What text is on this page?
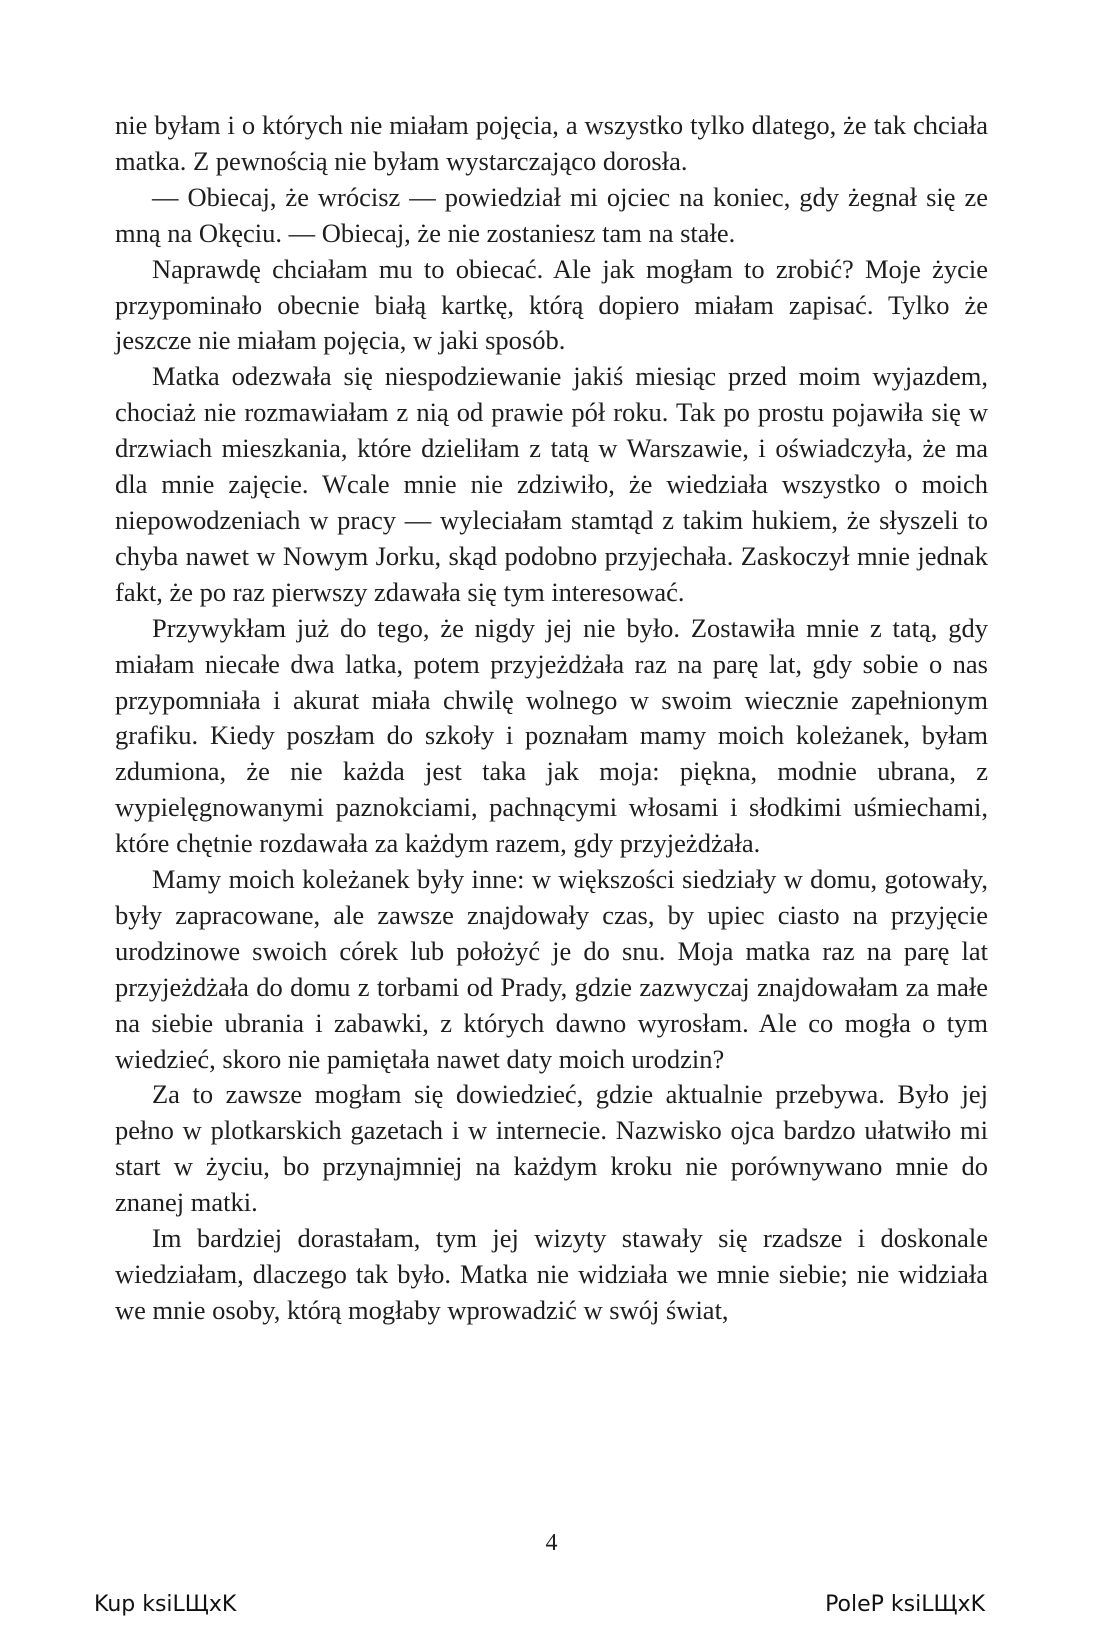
nie byłam i o których nie miałam pojęcia, a wszystko tylko dlatego, że tak chciała matka. Z pewnością nie byłam wystarczająco dorosła.

— Obiecaj, że wrócisz — powiedział mi ojciec na koniec, gdy żegnał się ze mną na Okęciu. — Obiecaj, że nie zostaniesz tam na stałe.

Naprawdę chciałam mu to obiecać. Ale jak mogłam to zrobić? Moje życie przypominało obecnie białą kartkę, którą dopiero miałam zapisać. Tylko że jeszcze nie miałam pojęcia, w jaki sposób.

Matka odezwała się niespodziewanie jakiś miesiąc przed moim wyjazdem, chociaż nie rozmawiałam z nią od prawie pół roku. Tak po prostu pojawiła się w drzwiach mieszkania, które dzieliłam z tatą w Warszawie, i oświadczyła, że ma dla mnie zajęcie. Wcale mnie nie zdziwiło, że wiedziała wszystko o moich niepowodzeniach w pracy — wyleciałam stamtąd z takim hukiem, że słyszeli to chyba nawet w Nowym Jorku, skąd podobno przyjechała. Zaskoczył mnie jednak fakt, że po raz pierwszy zdawała się tym interesować.

Przywykłam już do tego, że nigdy jej nie było. Zostawiła mnie z tatą, gdy miałam niecałe dwa latka, potem przyjeżdżała raz na parę lat, gdy sobie o nas przypomniała i akurat miała chwilę wolnego w swoim wiecznie zapełnionym grafiku. Kiedy poszłam do szkoły i poznałam mamy moich koleżanek, byłam zdumiona, że nie każda jest taka jak moja: piękna, modnie ubrana, z wypielęgnowanymi paznokciami, pachnącymi włosami i słodkimi uśmiechami, które chętnie rozdawała za każdym razem, gdy przyjeżdżała.

Mamy moich koleżanek były inne: w większości siedziały w domu, gotowały, były zapracowane, ale zawsze znajdowały czas, by upiec ciasto na przyjęcie urodzinowe swoich córek lub położyć je do snu. Moja matka raz na parę lat przyjeżdżała do domu z torbami od Prady, gdzie zazwyczaj znajdowałam za małe na siebie ubrania i zabawki, z których dawno wyrosłam. Ale co mogła o tym wiedzieć, skoro nie pamiętała nawet daty moich urodzin?

Za to zawsze mogłam się dowiedzieć, gdzie aktualnie przebywa. Było jej pełno w plotkarskich gazetach i w internecie. Nazwisko ojca bardzo ułatwiło mi start w życiu, bo przynajmniej na każdym kroku nie porównywano mnie do znanej matki.

Im bardziej dorastałam, tym jej wizyty stawały się rzadsze i doskonale wiedziałam, dlaczego tak było. Matka nie widziała we mnie siebie; nie widziała we mnie osoby, którą mogłaby wprowadzić w swój świat,

4
Kup ksiLЩxK	PoleP ksiLЩxK
